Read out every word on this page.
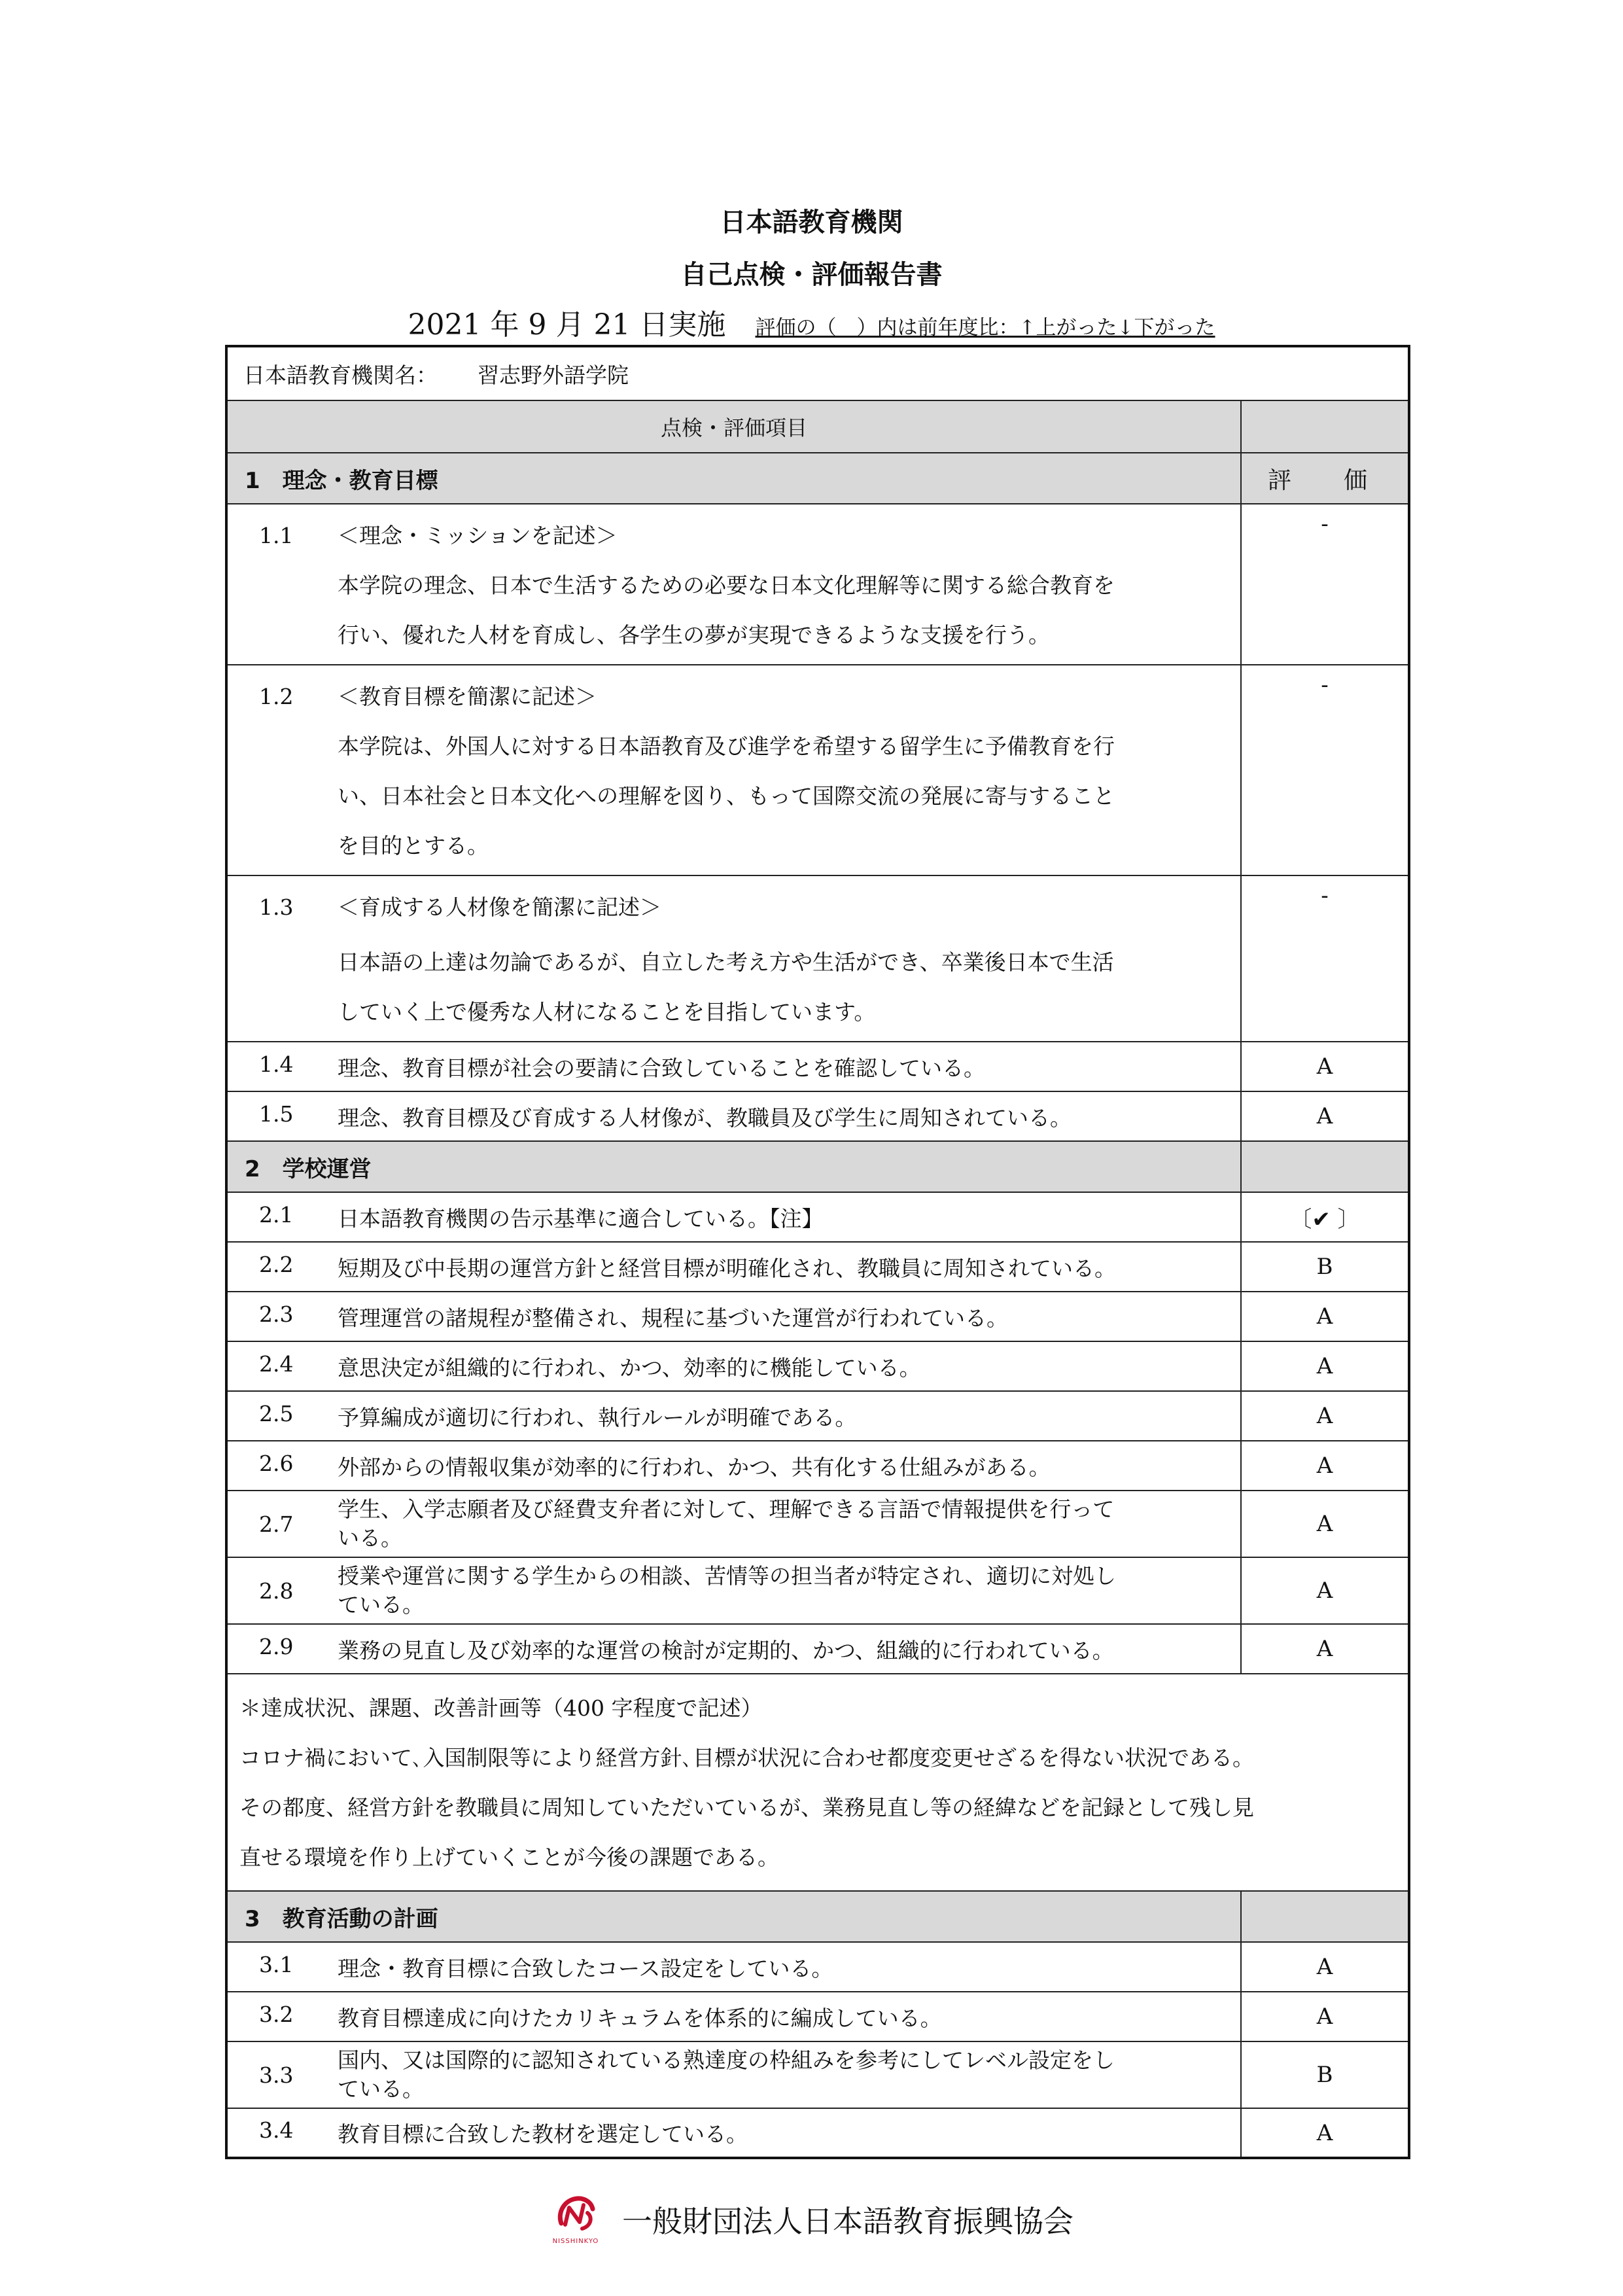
日本語教育機関
自己点検・評価報告書
2021 年 9 月 21 日実施 評価の（　）内は前年度比：↑上がった↓下がった
日本語教育機関名： 習志野外語学院	
点検・評価項目	
1　理念・教育目標	評　価

1.1 ＜理念・ミッションを記述＞
本学院の理念、日本で生活するための必要な日本文化理解等に関する総合教育を
行い、優れた人材を育成し、各学生の夢が実現できるような支援を行う。	-

1.2 ＜教育目標を簡潔に記述＞
本学院は、外国人に対する日本語教育及び進学を希望する留学生に予備教育を行
い、日本社会と日本文化への理解を図り、もって国際交流の発展に寄与すること
を目的とする。	-

1.3 ＜育成する人材像を簡潔に記述＞
日本語の上達は勿論であるが、自立した考え方や生活ができ、卒業後日本で生活
していく上で優秀な人材になることを目指しています。	-
1.4 理念、教育目標が社会の要請に合致していることを確認している。	A
1.5 理念、教育目標及び育成する人材像が、教職員及び学生に周知されている。	A
2　学校運営	
2.1 日本語教育機関の告示基準に適合している。【注】	〔✔ 〕
2.2 短期及び中長期の運営方針と経営目標が明確化され、教職員に周知されている。	B
2.3 管理運営の諸規程が整備され、規程に基づいた運営が行われている。	A
2.4 意思決定が組織的に行われ、かつ、効率的に機能している。	A
2.5 予算編成が適切に行われ、執行ルールが明確である。	A
2.6 外部からの情報収集が効率的に行われ、かつ、共有化する仕組みがある。	A

2.7
学生、入学志願者及び経費支弁者に対して、理解できる言語で情報提供を行って
いる。	A

2.8
授業や運営に関する学生からの相談、苦情等の担当者が特定され、適切に対処し
ている。	A
2.9 業務の見直し及び効率的な運営の検討が定期的、かつ、組織的に行われている。	A

＊達成状況、課題、改善計画等（400 字程度で記述）
コロナ禍において､入国制限等により経営方針､目標が状況に合わせ都度変更せざるを得ない状況である。
その都度、経営方針を教職員に周知していただいているが、業務見直し等の経緯などを記録として残し見
直せる環境を作り上げていくことが今後の課題である。	

3　教育活動の計画	
3.1 理念・教育目標に合致したコース設定をしている。	A
3.2 教育目標達成に向けたカリキュラムを体系的に編成している。	A

3.3
国内、又は国際的に認知されている熟達度の枠組みを参考にしてレベル設定をし
ている。	B
3.4 教育目標に合致した教材を選定している。	A
NISSHINKYO
一般財団法人日本語教育振興協会
